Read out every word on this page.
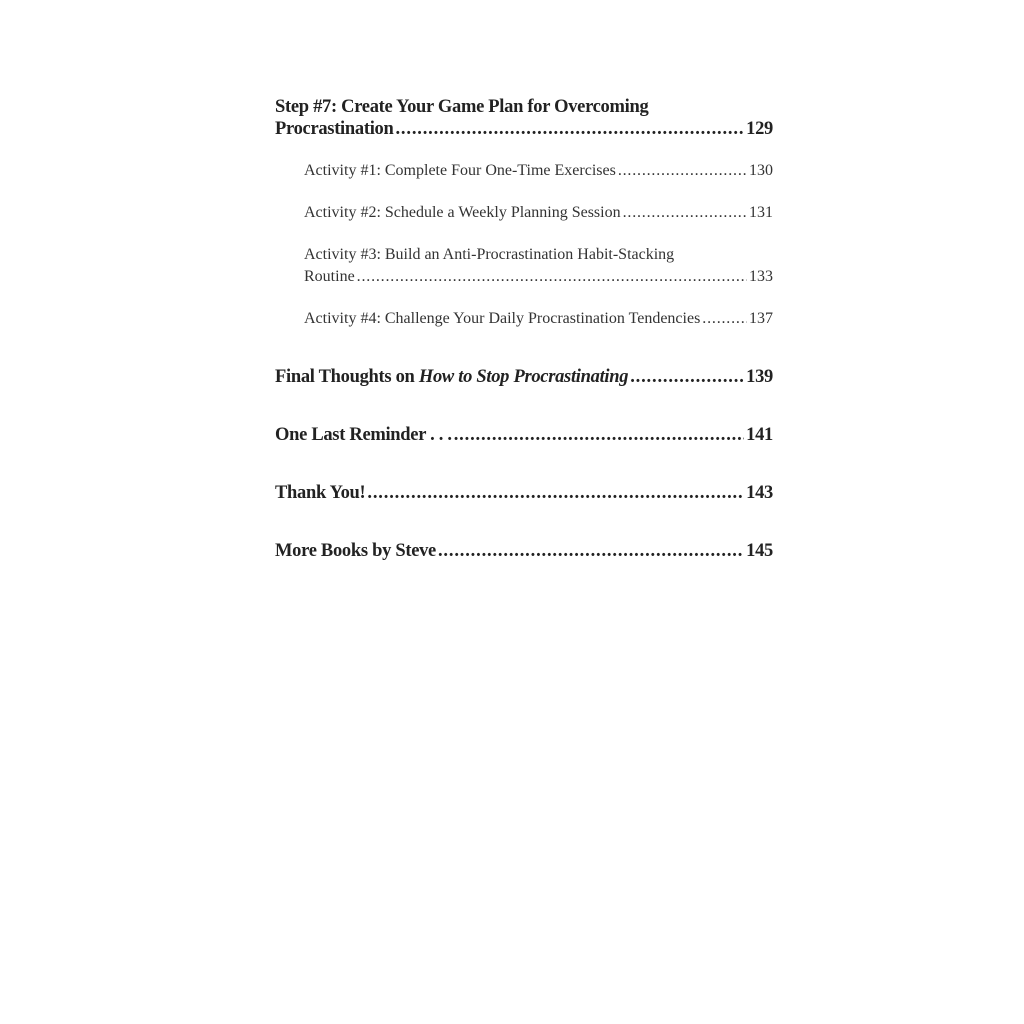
Step #7: Create Your Game Plan for Overcoming
Procrastination . . .	129
Activity #1: Complete Four One-Time Exercises . . .	130
Activity #2: Schedule a Weekly Planning Session . . .	131
Activity #3: Build an Anti-Procrastination Habit-Stacking
Routine . . .	133
Activity #4: Challenge Your Daily Procrastination Tendencies . . .	137
Final Thoughts on How to Stop Procrastinating . . .	139
One Last Reminder . . . . . .	141
Thank You! . . .	143
More Books by Steve . . .	145
